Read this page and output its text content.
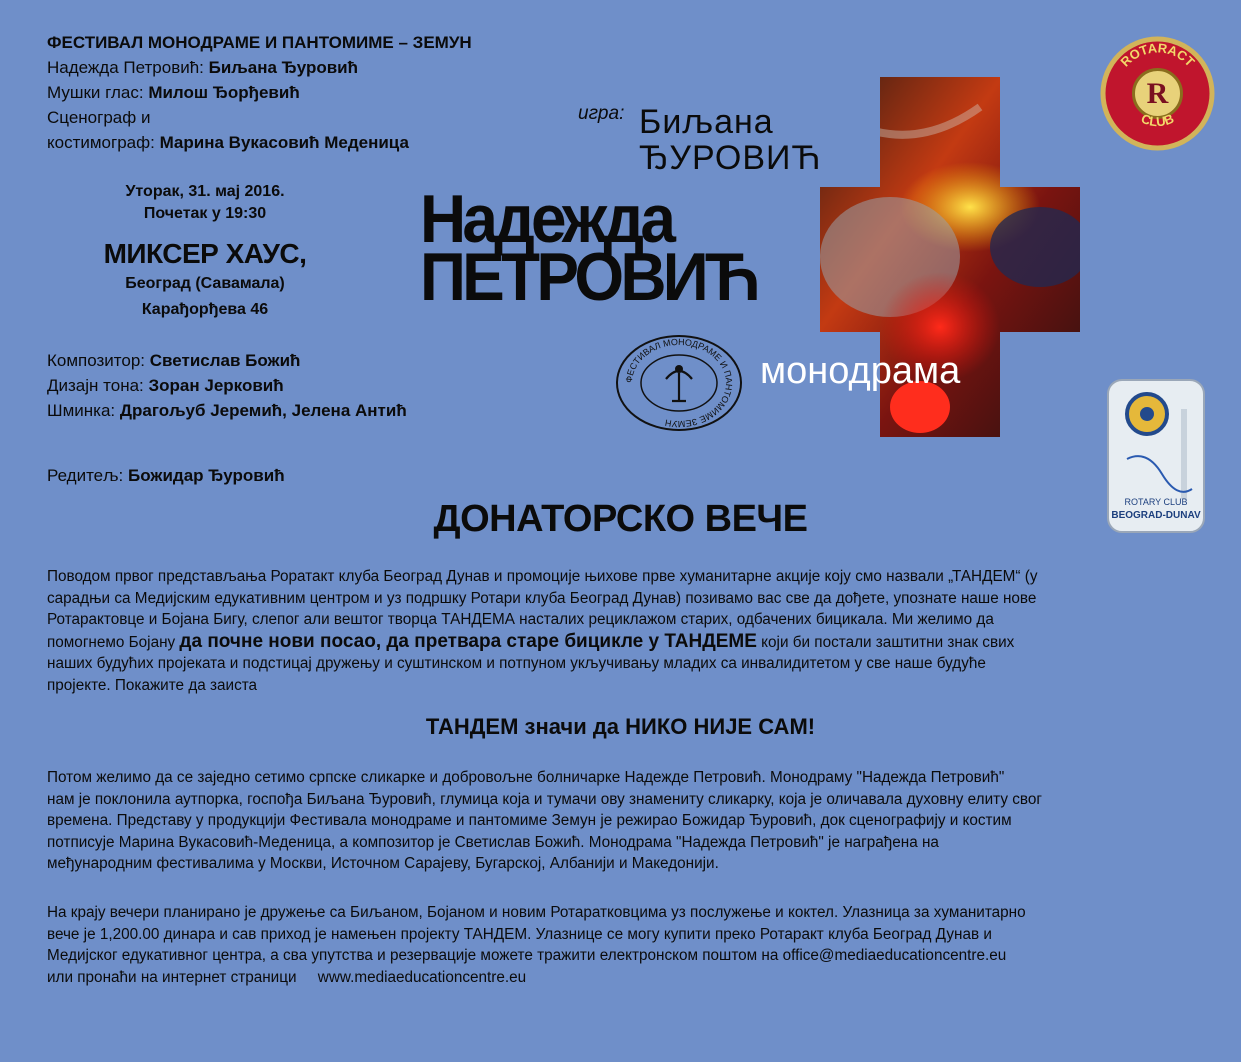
ФЕСТИВАЛ МОНОДРАМЕ И ПАНТОМИМЕ – ЗЕМУН
Надежда Петровић: Биљана Ђуровић
Мушки глас: Милош Ђорђевић
Сценограф и
костимограф: Марина Вукасовић Меденица
Уторак, 31. мај 2016.
Почетак у 19:30
МИКСЕР ХАУС,
Београд (Савамала)
Карађорђева 46
Композитор: Светислав Божић
Дизајн тона: Зоран Јерковић
Шминка: Драгољуб Јеремић, Јелена Антић
Редитељ: Божидар Ђуровић
игра: Биљана
ЂУРОВИЋ
Надежда
ПЕТРОВИЋ
монодрама
ФЕСТИВАЛ МОНОДРАМЕ И ПАНТОМИМЕ ЗЕМУН
R
ROTARACT
CLUB
ROTARY CLUB
BEOGRAD-DUNAV
ДОНАТОРСКО ВЕЧЕ
Поводом првог представљања Роратакт клуба Београд Дунав и промоције њихове прве хуманитарне акције коју смо назвали „ТАНДЕМ“ (у
сарадњи са Медијским едукативним центром и уз подршку Ротари клуба Београд Дунав) позивамо вас све да дођете, упознате наше нове
Ротарактовце и Бојана Бигу, слепог али вештог творца ТАНДЕМА насталих рециклажом старих, одбачених бицикала. Ми желимо да
помогнемо Бојану да почне нови посао, да претвара старе бицикле у ТАНДЕМЕ који би постали заштитни знак свих
наших будућих пројеката и подстицај дружењу и суштинском и потпуном укључивању младих са инвалидитетом у све наше будуће
пројекте. Покажите да заиста
ТАНДЕМ значи да НИКО НИЈЕ САМ!
Потом желимо да се заједно сетимо српске сликарке и добровољне болничарке Надежде Петровић. Монодраму "Надежда Петровић"
нам је поклонила аутпорка, госпођа Биљана Ђуровић, глумица која и тумачи ову знамениту сликарку, која је оличавала духовну елиту свог
времена. Представу у продукцији Фестивала монодраме и пантомиме Земун је режирао Божидар Ђуровић, док сценографију и костим
потписује Марина Вукасовић-Меденица, а композитор је Светислав Божић. Монодрама "Надежда Петровић" је награђена на
међународним фестивалима у Москви, Источном Сарајеву, Бугарској, Албанији и Македонији.
На крају вечери планирано је дружење са Биљаном, Бојаном и новим Ротаратковцима уз послужење и коктел. Улазница за хуманитарно
вече је 1,200.00 динара и сав приход је намењен пројекту ТАНДЕМ. Улазнице се могу купити преко Ротаракт клуба Београд Дунав и
Медијског едукативног центра, а сва упутства и резервације можете тражити електронском поштом на office@mediaeducationcentre.eu
или пронаћи на интернет страници     www.mediaeducationcentre.eu
